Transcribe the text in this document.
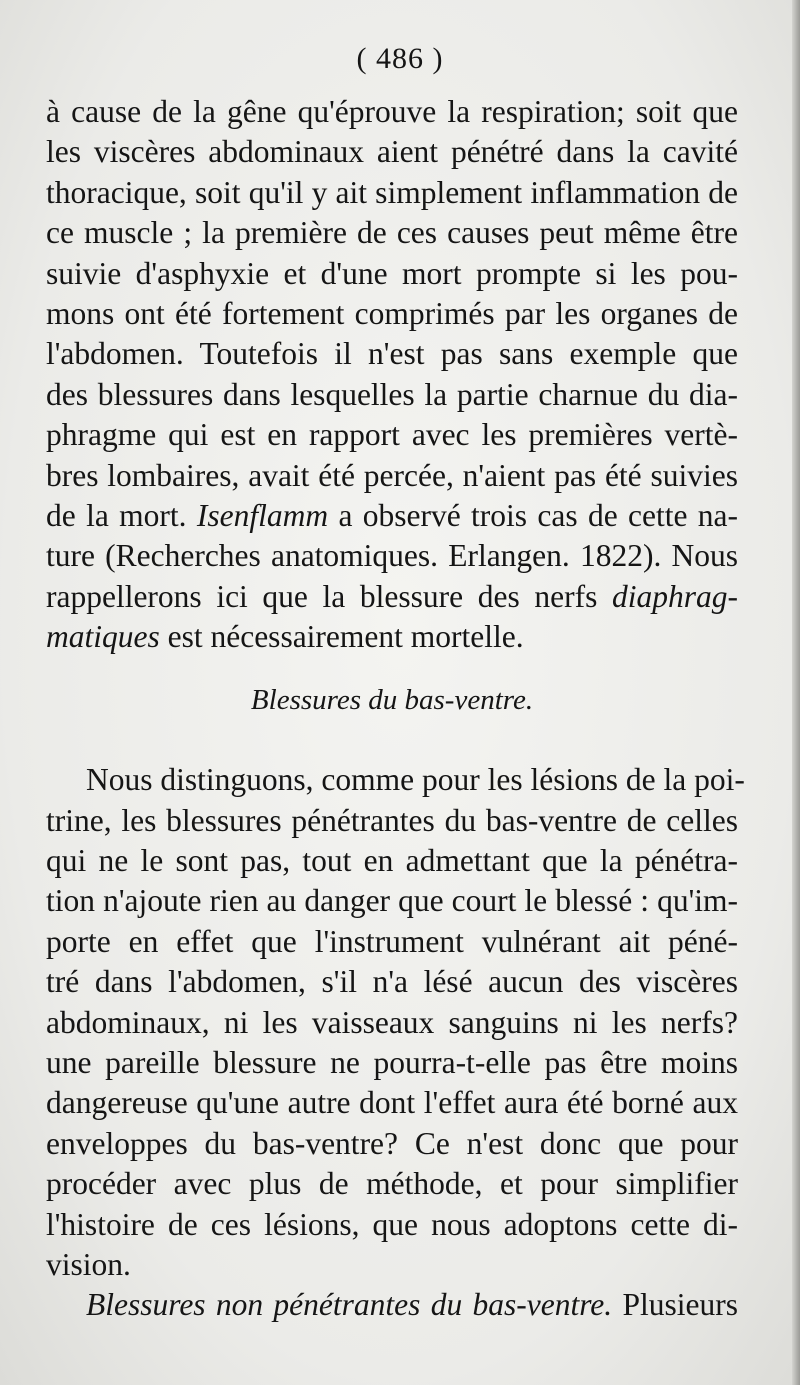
( 486 )
à cause de la gêne qu'éprouve la respiration; soit que
les viscères abdominaux aient pénétré dans la cavité
thoracique, soit qu'il y ait simplement inflammation de
ce muscle ; la première de ces causes peut même être
suivie d'asphyxie et d'une mort prompte si les pou-
mons ont été fortement comprimés par les organes de
l'abdomen. Toutefois il n'est pas sans exemple que
des blessures dans lesquelles la partie charnue du dia-
phragme qui est en rapport avec les premières vertè-
bres lombaires, avait été percée, n'aient pas été suivies
de la mort. Isenflamm a observé trois cas de cette na-
ture (Recherches anatomiques. Erlangen. 1822). Nous
rappellerons ici que la blessure des nerfs diaphrag-
matiques est nécessairement mortelle.
Blessures du bas-ventre.
Nous distinguons, comme pour les lésions de la poi-
trine, les blessures pénétrantes du bas-ventre de celles
qui ne le sont pas, tout en admettant que la pénétra-
tion n'ajoute rien au danger que court le blessé : qu'im-
porte en effet que l'instrument vulnérant ait péné-
tré dans l'abdomen, s'il n'a lésé aucun des viscères
abdominaux, ni les vaisseaux sanguins ni les nerfs?
une pareille blessure ne pourra-t-elle pas être moins
dangereuse qu'une autre dont l'effet aura été borné aux
enveloppes du bas-ventre? Ce n'est donc que pour
procéder avec plus de méthode, et pour simplifier
l'histoire de ces lésions, que nous adoptons cette di-
vision.
Blessures non pénétrantes du bas-ventre. Plusieurs
